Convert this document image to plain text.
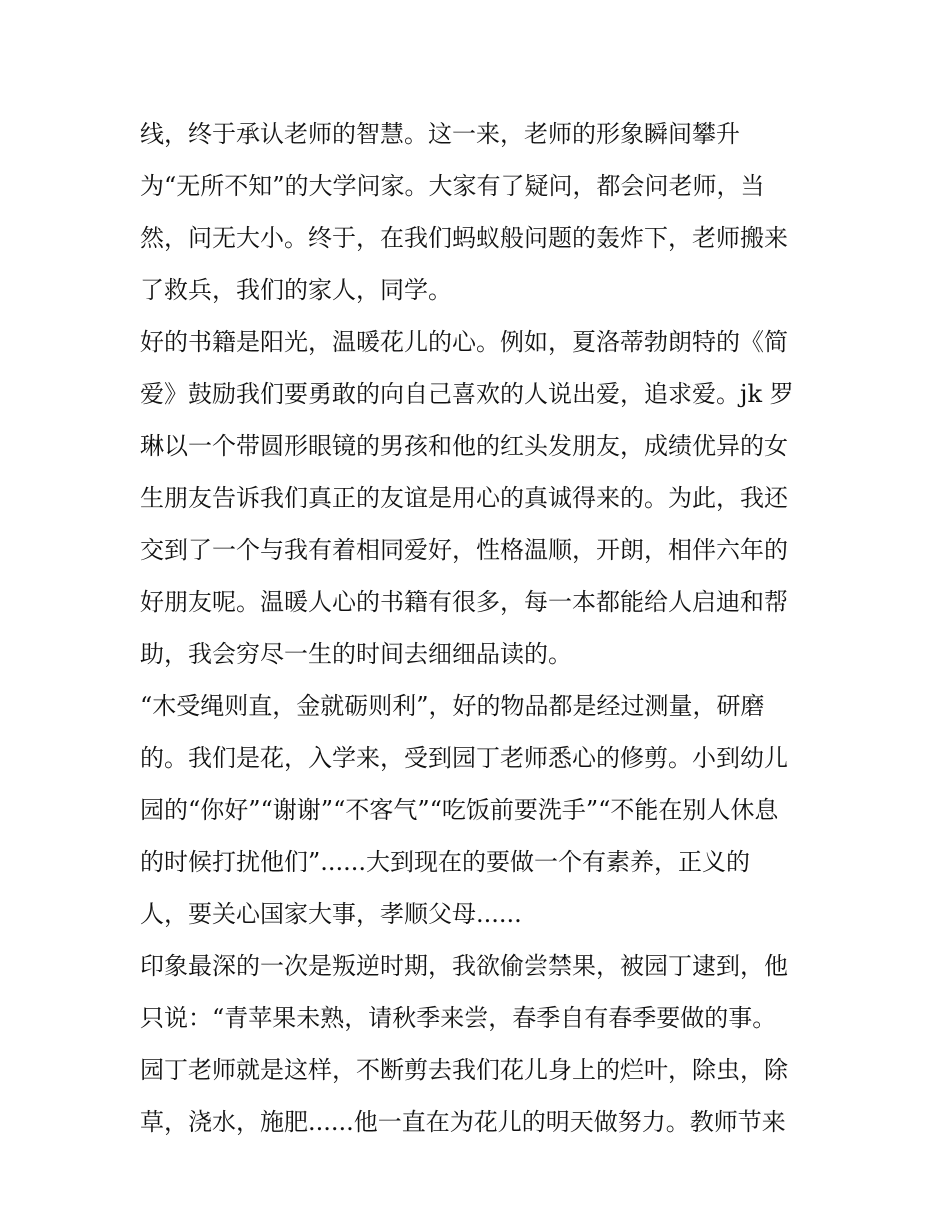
线，终于承认老师的智慧。这一来，老师的形象瞬间攀升
为“无所不知”的大学问家。大家有了疑问，都会问老师，当
然，问无大小。终于，在我们蚂蚁般问题的轰炸下，老师搬来
了救兵，我们的家人，同学。
好的书籍是阳光，温暖花儿的心。例如，夏洛蒂勃朗特的《简
爱》鼓励我们要勇敢的向自己喜欢的人说出爱，追求爱。jk 罗
琳以一个带圆形眼镜的男孩和他的红头发朋友，成绩优异的女
生朋友告诉我们真正的友谊是用心的真诚得来的。为此，我还
交到了一个与我有着相同爱好，性格温顺，开朗，相伴六年的
好朋友呢。温暖人心的书籍有很多，每一本都能给人启迪和帮
助，我会穷尽一生的时间去细细品读的。
“木受绳则直，金就砺则利”，好的物品都是经过测量，研磨
的。我们是花，入学来，受到园丁老师悉心的修剪。小到幼儿
园的“你好”“谢谢”“不客气”“吃饭前要洗手”“不能在别人休息
的时候打扰他们”......大到现在的要做一个有素养，正义的
人，要关心国家大事，孝顺父母......
印象最深的一次是叛逆时期，我欲偷尝禁果，被园丁逮到，他
只说：“青苹果未熟，请秋季来尝，春季自有春季要做的事。
园丁老师就是这样，不断剪去我们花儿身上的烂叶，除虫，除
草，浇水，施肥......他一直在为花儿的明天做努力。教师节来
